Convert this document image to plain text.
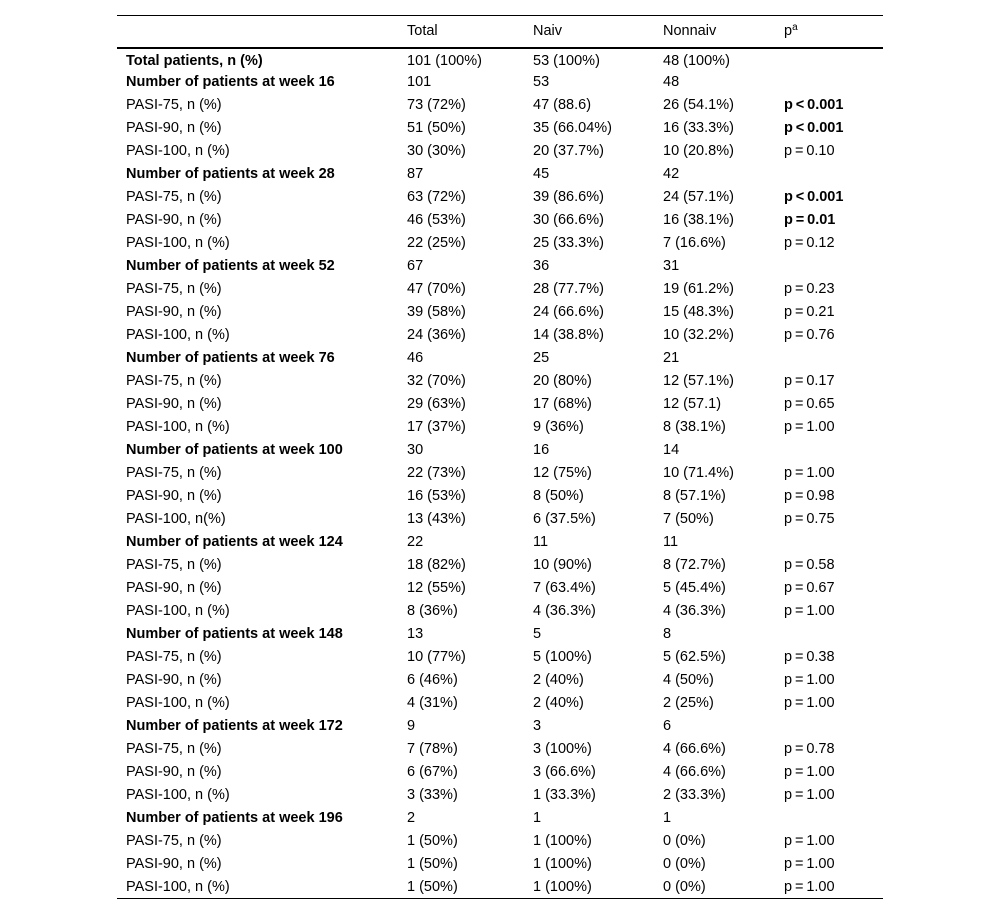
	Total	Naiv	Nonnaiv	$p^a$
Total patients, n (%)	101 (100%)	53 (100%)	48 (100%)	
Number of patients at week 16	101	53	48	
PASI-75, n (%)	73 (72%)	47 (88.6)	26 (54.1%)	p < 0.001
PASI-90, n (%)	51 (50%)	35 (66.04%)	16 (33.3%)	p < 0.001
PASI-100, n (%)	30 (30%)	20 (37.7%)	10 (20.8%)	p = 0.10
Number of patients at week 28	87	45	42	
PASI-75, n (%)	63 (72%)	39 (86.6%)	24 (57.1%)	p < 0.001
PASI-90, n (%)	46 (53%)	30 (66.6%)	16 (38.1%)	p = 0.01
PASI-100, n (%)	22 (25%)	25 (33.3%)	7 (16.6%)	p = 0.12
Number of patients at week 52	67	36	31	
PASI-75, n (%)	47 (70%)	28 (77.7%)	19 (61.2%)	p = 0.23
PASI-90, n (%)	39 (58%)	24 (66.6%)	15 (48.3%)	p = 0.21
PASI-100, n (%)	24 (36%)	14 (38.8%)	10 (32.2%)	p = 0.76
Number of patients at week 76	46	25	21	
PASI-75, n (%)	32 (70%)	20 (80%)	12 (57.1%)	p = 0.17
PASI-90, n (%)	29 (63%)	17 (68%)	12 (57.1)	p = 0.65
PASI-100, n (%)	17 (37%)	9 (36%)	8 (38.1%)	p = 1.00
Number of patients at week 100	30	16	14	
PASI-75, n (%)	22 (73%)	12 (75%)	10 (71.4%)	p = 1.00
PASI-90, n (%)	16 (53%)	8 (50%)	8 (57.1%)	p = 0.98
PASI-100, n(%)	13 (43%)	6 (37.5%)	7 (50%)	p = 0.75
Number of patients at week 124	22	11	11	
PASI-75, n (%)	18 (82%)	10 (90%)	8 (72.7%)	p = 0.58
PASI-90, n (%)	12 (55%)	7 (63.4%)	5 (45.4%)	p = 0.67
PASI-100, n (%)	8 (36%)	4 (36.3%)	4 (36.3%)	p = 1.00
Number of patients at week 148	13	5	8	
PASI-75, n (%)	10 (77%)	5 (100%)	5 (62.5%)	p = 0.38
PASI-90, n (%)	6 (46%)	2 (40%)	4 (50%)	p = 1.00
PASI-100, n (%)	4 (31%)	2 (40%)	2 (25%)	p = 1.00
Number of patients at week 172	9	3	6	
PASI-75, n (%)	7 (78%)	3 (100%)	4 (66.6%)	p = 0.78
PASI-90, n (%)	6 (67%)	3 (66.6%)	4 (66.6%)	p = 1.00
PASI-100, n (%)	3 (33%)	1 (33.3%)	2 (33.3%)	p = 1.00
Number of patients at week 196	2	1	1	
PASI-75, n (%)	1 (50%)	1 (100%)	0 (0%)	p = 1.00
PASI-90, n (%)	1 (50%)	1 (100%)	0 (0%)	p = 1.00
PASI-100, n (%)	1 (50%)	1 (100%)	0 (0%)	p = 1.00
